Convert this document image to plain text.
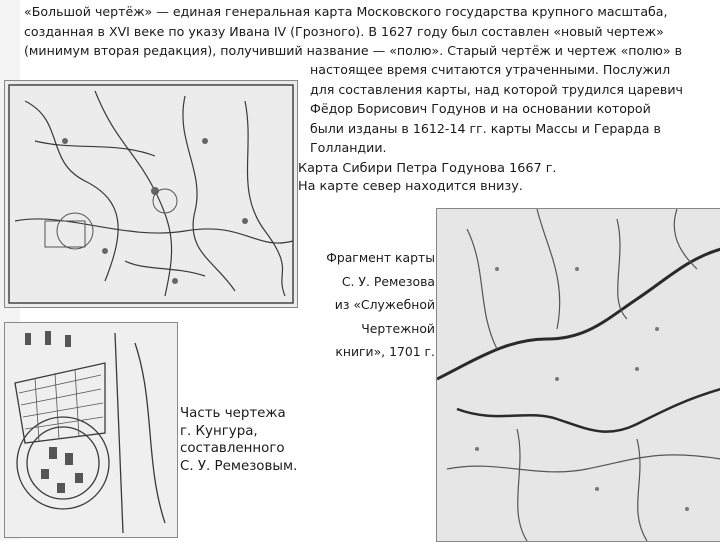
«Большой чертёж» — единая генеральная карта Московского государства крупного масштаба,
созданная в XVI веке по указу Ивана IV (Грозного). В 1627 году был составлен «новый чертеж»
(минимум вторая редакция), получивший название — «полю». Старый чертёж и чертеж «полю» в
настоящее время считаются утраченными. Послужил
для составления карты, над которой трудился царевич
Фёдор Борисович Годунов и на основании которой
были изданы в 1612-14 гг. карты Массы и Герарда в
Голландии.
Карта Сибири Петра Годунова 1667 г.
На карте север находится внизу.
Фрагмент карты
С. У. Ремезова
из «Служебной
Чертежной
книги», 1701 г.
Часть чертежа
г. Кунгура,
составленного
С. У. Ремезовым.
